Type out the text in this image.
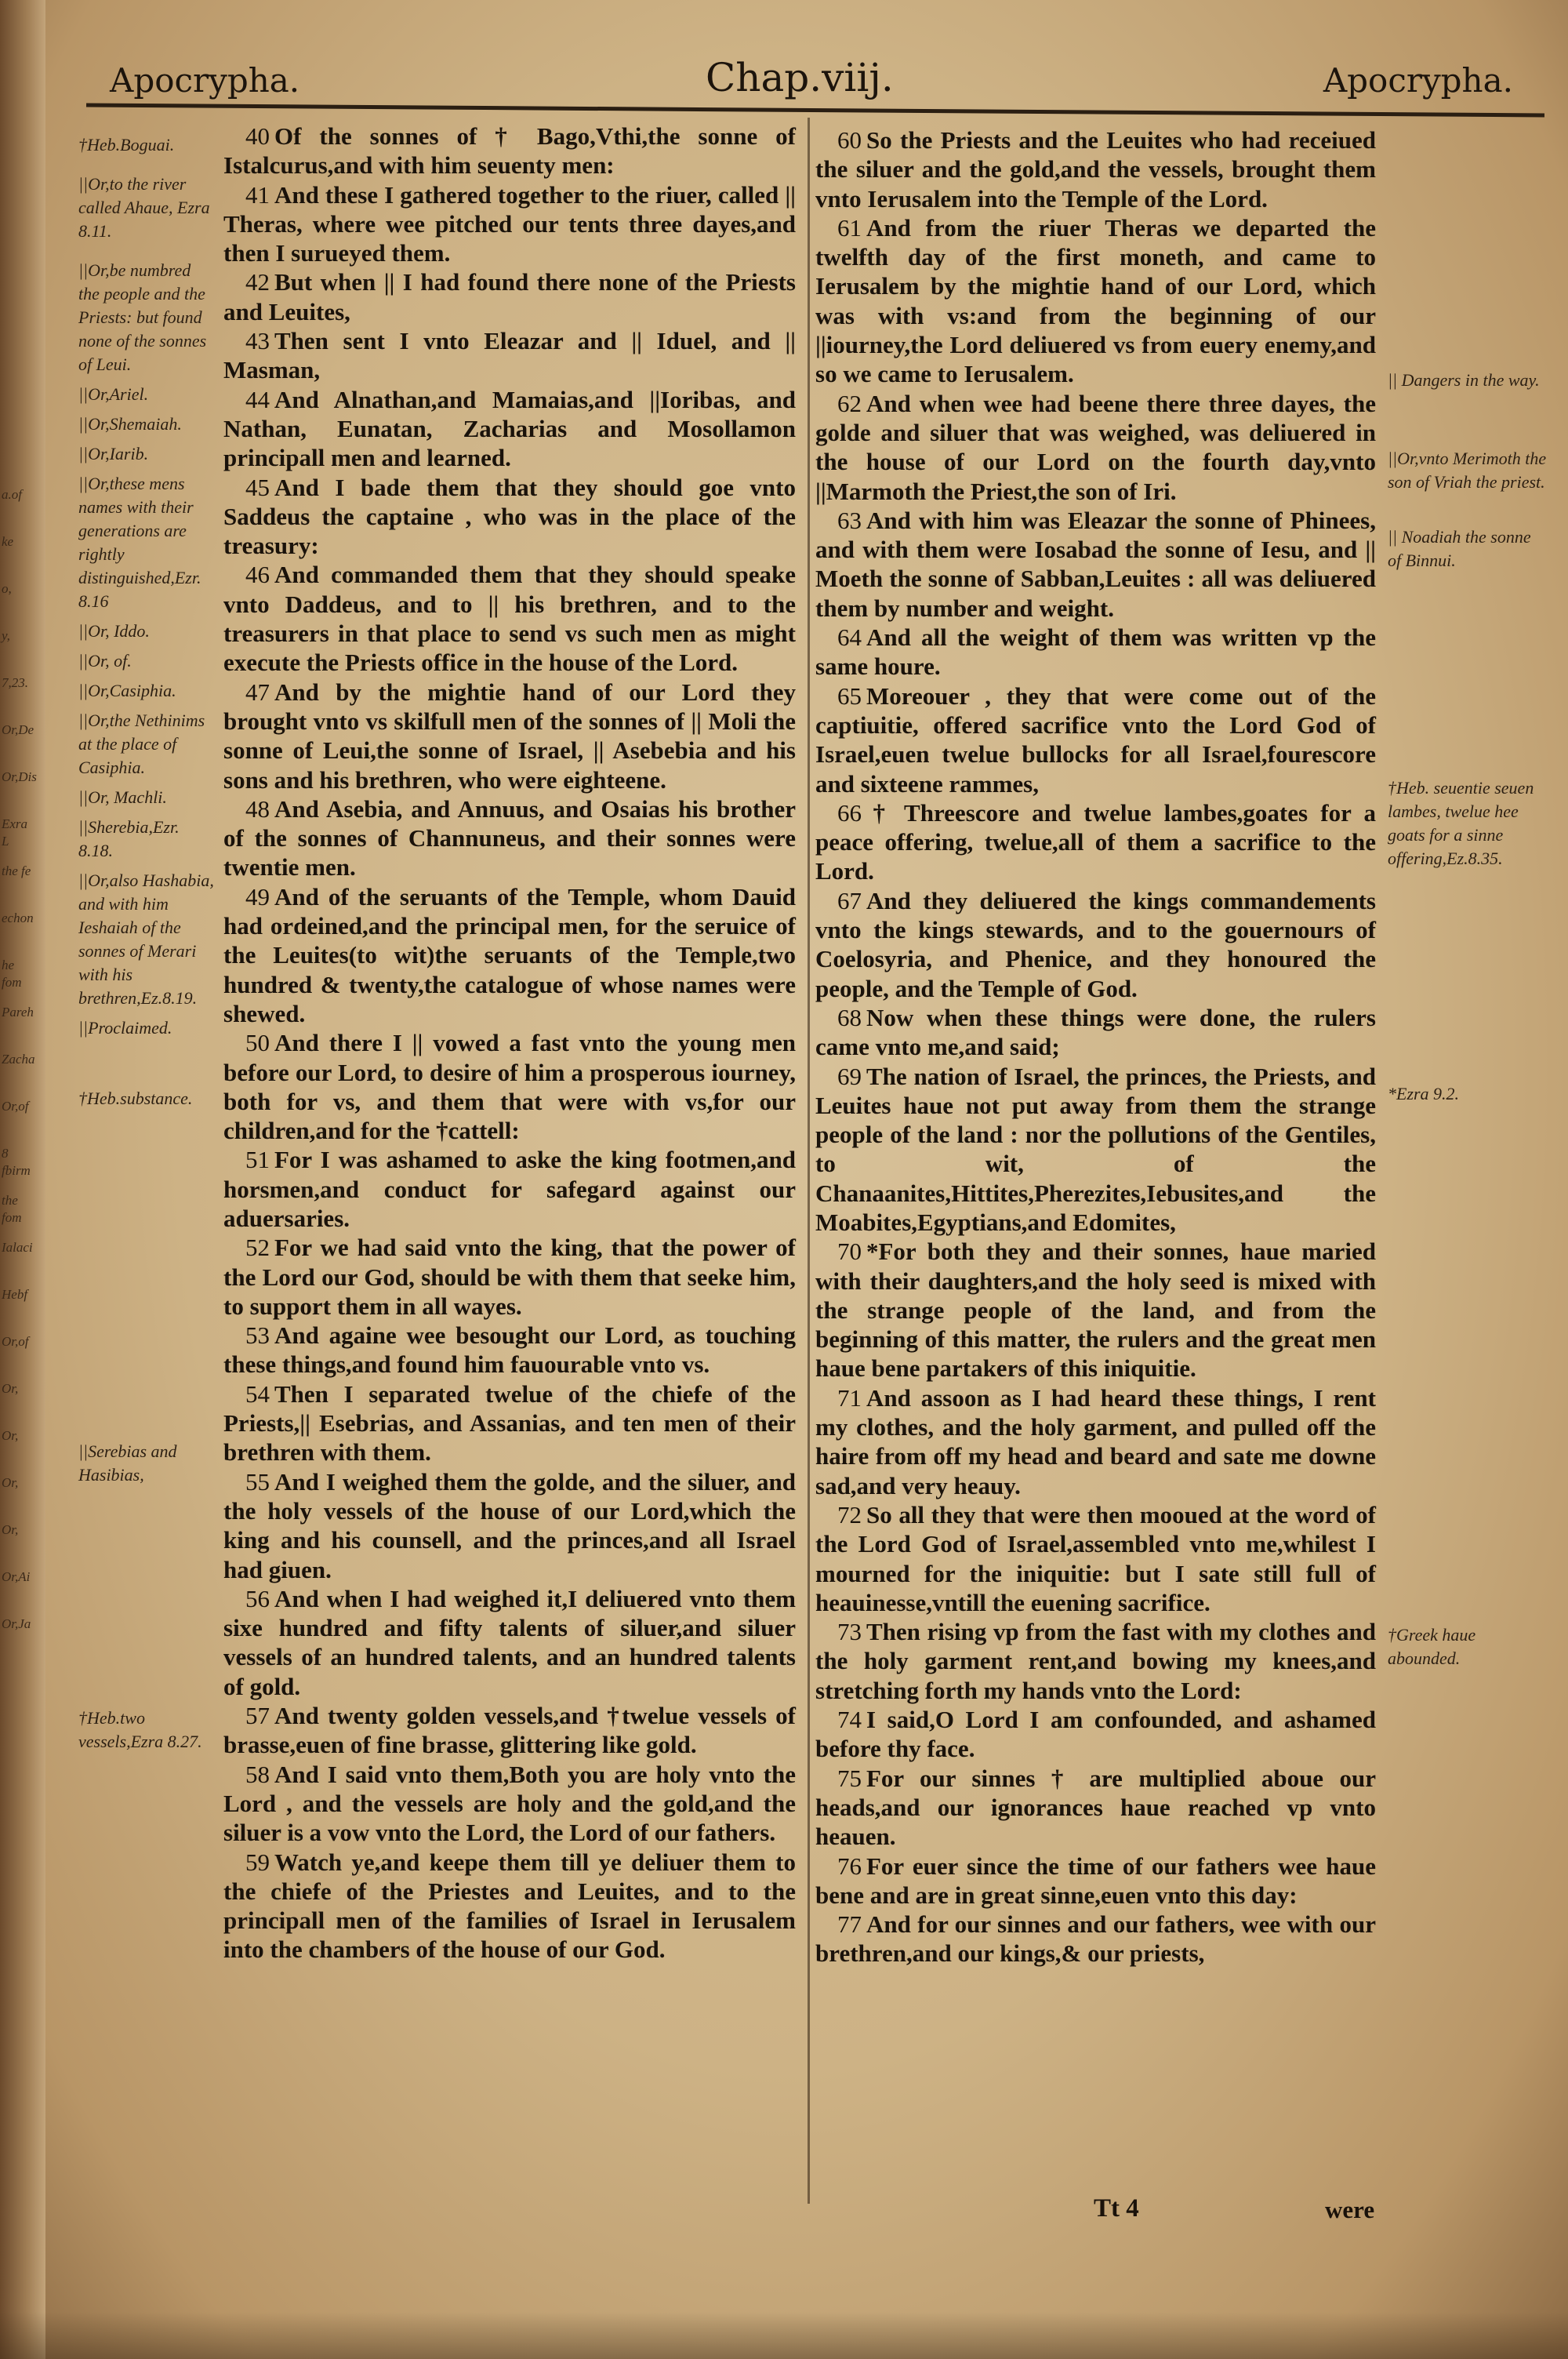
a.of
ke
o,
y,
7,23.
Or,De
Or,Dis
Exra L
the fe
echon
he fom
Pareh
Zacha
Or,of
8 fbirm
the fom
Ialaci
Hebf
Or,of
Or,
Or,
Or,
Or,
Or,Ai
Or,Ja
Apocrypha.	Chap.viij.	Apocrypha.
†Heb.Boguai.
||Or,to the river called Ahaue, Ezra 8.11.
||Or,be numbred the people and the Priests: but found none of the sonnes of Leui.
||Or,Ariel.
||Or,Shemaiah.
||Or,Iarib.
||Or,these mens names with their generations are rightly distinguished,Ezr. 8.16
||Or, Iddo.
||Or, of.
||Or,Casiphia.
||Or,the Nethinims at the place of Casiphia.
||Or, Machli.
||Sherebia,Ezr. 8.18.
||Or,also Hashabia, and with him Ieshaiah of the sonnes of Merari with his brethren,Ez.8.19.
||Proclaimed.
†Heb.substance.
||Serebias and Hasibias,
†Heb.two vessels,Ezra 8.27.

40 Of the sonnes of † Bago,Vthi,the sonne of Istalcurus,and with him seuenty men:

41 And these I gathered together to the riuer, called || Theras, where wee pitched our tents three dayes,and then I surueyed them.

42 But when || I had found there none of the Priests and Leuites,

43 Then sent I vnto Eleazar and || Iduel, and || Masman,

44 And Alnathan,and Mamaias,and ||Ioribas, and Nathan, Eunatan, Zacharias and Mosollamon principall men and learned.

45 And I bade them that they should goe vnto Saddeus the captaine , who was in the place of the treasury:

46 And commanded them that they should speake vnto Daddeus, and to || his brethren, and to the treasurers in that place to send vs such men as might execute the Priests office in the house of the Lord.

47 And by the mightie hand of our Lord they brought vnto vs skilfull men of the sonnes of || Moli the sonne of Leui,the sonne of Israel, || Asebebia and his sons and his brethren, who were eighteene.

48 And Asebia, and Annuus, and Osaias his brother of the sonnes of Channuneus, and their sonnes were twentie men.

49 And of the seruants of the Temple, whom Dauid had ordeined,and the principal men, for the seruice of the Leuites(to wit)the seruants of the Temple,two hundred & twenty,the catalogue of whose names were shewed.

50 And there I || vowed a fast vnto the young men before our Lord, to desire of him a prosperous iourney, both for vs, and them that were with vs,for our children,and for the †cattell:

51 For I was ashamed to aske the king footmen,and horsmen,and conduct for safegard against our aduersaries.

52 For we had said vnto the king, that the power of the Lord our God, should be with them that seeke him, to support them in all wayes.

53 And againe wee besought our Lord, as touching these things,and found him fauourable vnto vs.

54 Then I separated twelue of the chiefe of the Priests,|| Esebrias, and Assanias, and ten men of their brethren with them.

55 And I weighed them the golde, and the siluer, and the holy vessels of the house of our Lord,which the king and his counsell, and the princes,and all Israel had giuen.

56 And when I had weighed it,I deliuered vnto them sixe hundred and fifty talents of siluer,and siluer vessels of an hundred talents, and an hundred talents of gold.

57 And twenty golden vessels,and †twelue vessels of brasse,euen of fine brasse, glittering like gold.

58 And I said vnto them,Both you are holy vnto the Lord , and the vessels are holy and the gold,and the siluer is a vow vnto the Lord, the Lord of our fathers.

59 Watch ye,and keepe them till ye deliuer them to the chiefe of the Priestes and Leuites, and to the principall men of the families of Israel in Ierusalem into the chambers of the house of our God.

60 So the Priests and the Leuites who had receiued the siluer and the gold,and the vessels, brought them vnto Ierusalem into the Temple of the Lord.

61 And from the riuer Theras we departed the twelfth day of the first moneth, and came to Ierusalem by the mightie hand of our Lord, which was with vs:and from the beginning of our ||iourney,the Lord deliuered vs from euery enemy,and so we came to Ierusalem.

62 And when wee had beene there three dayes, the golde and siluer that was weighed, was deliuered in the house of our Lord on the fourth day,vnto ||Marmoth the Priest,the son of Iri.

63 And with him was Eleazar the sonne of Phinees, and with them were Iosabad the sonne of Iesu, and || Moeth the sonne of Sabban,Leuites : all was deliuered them by number and weight.

64 And all the weight of them was written vp the same houre.

65 Moreouer , they that were come out of the captiuitie, offered sacrifice vnto the Lord God of Israel,euen twelue bullocks for all Israel,fourescore and sixteene rammes,

66 † Threescore and twelue lambes,goates for a peace offering, twelue,all of them a sacrifice to the Lord.

67 And they deliuered the kings commandements vnto the kings stewards, and to the gouernours of Coelosyria, and Phenice, and they honoured the people, and the Temple of God.

68 Now when these things were done, the rulers came vnto me,and said;

69 The nation of Israel, the princes, the Priests, and Leuites haue not put away from them the strange people of the land : nor the pollutions of the Gentiles, to wit, of the Chanaanites,Hittites,Pherezites,Iebusites,and the Moabites,Egyptians,and Edomites,

70 *For both they and their sonnes, haue maried with their daughters,and the holy seed is mixed with the strange people of the land, and from the beginning of this matter, the rulers and the great men haue bene partakers of this iniquitie.

71 And assoon as I had heard these things, I rent my clothes, and the holy garment, and pulled off the haire from off my head and beard and sate me downe sad,and very heauy.

72 So all they that were then mooued at the word of the Lord God of Israel,assembled vnto me,whilest I mourned for the iniquitie: but I sate still full of heauinesse,vntill the euening sacrifice.

73 Then rising vp from the fast with my clothes and the holy garment rent,and bowing my knees,and stretching forth my hands vnto the Lord:

74 I said,O Lord I am confounded, and ashamed before thy face.

75 For our sinnes † are multiplied aboue our heads,and our ignorances haue reached vp vnto heauen.

76 For euer since the time of our fathers wee haue bene and are in great sinne,euen vnto this day:

77 And for our sinnes and our fathers, wee with our brethren,and our kings,& our priests,

|| Dangers in the way.
||Or,vnto Merimoth the son of Vriah the priest.
|| Noadiah the sonne of Binnui.
†Heb. seuentie seuen lambes, twelue hee goats for a sinne offering,Ez.8.35.
*Ezra 9.2.
†Greek haue abounded.
Tt 4	were
